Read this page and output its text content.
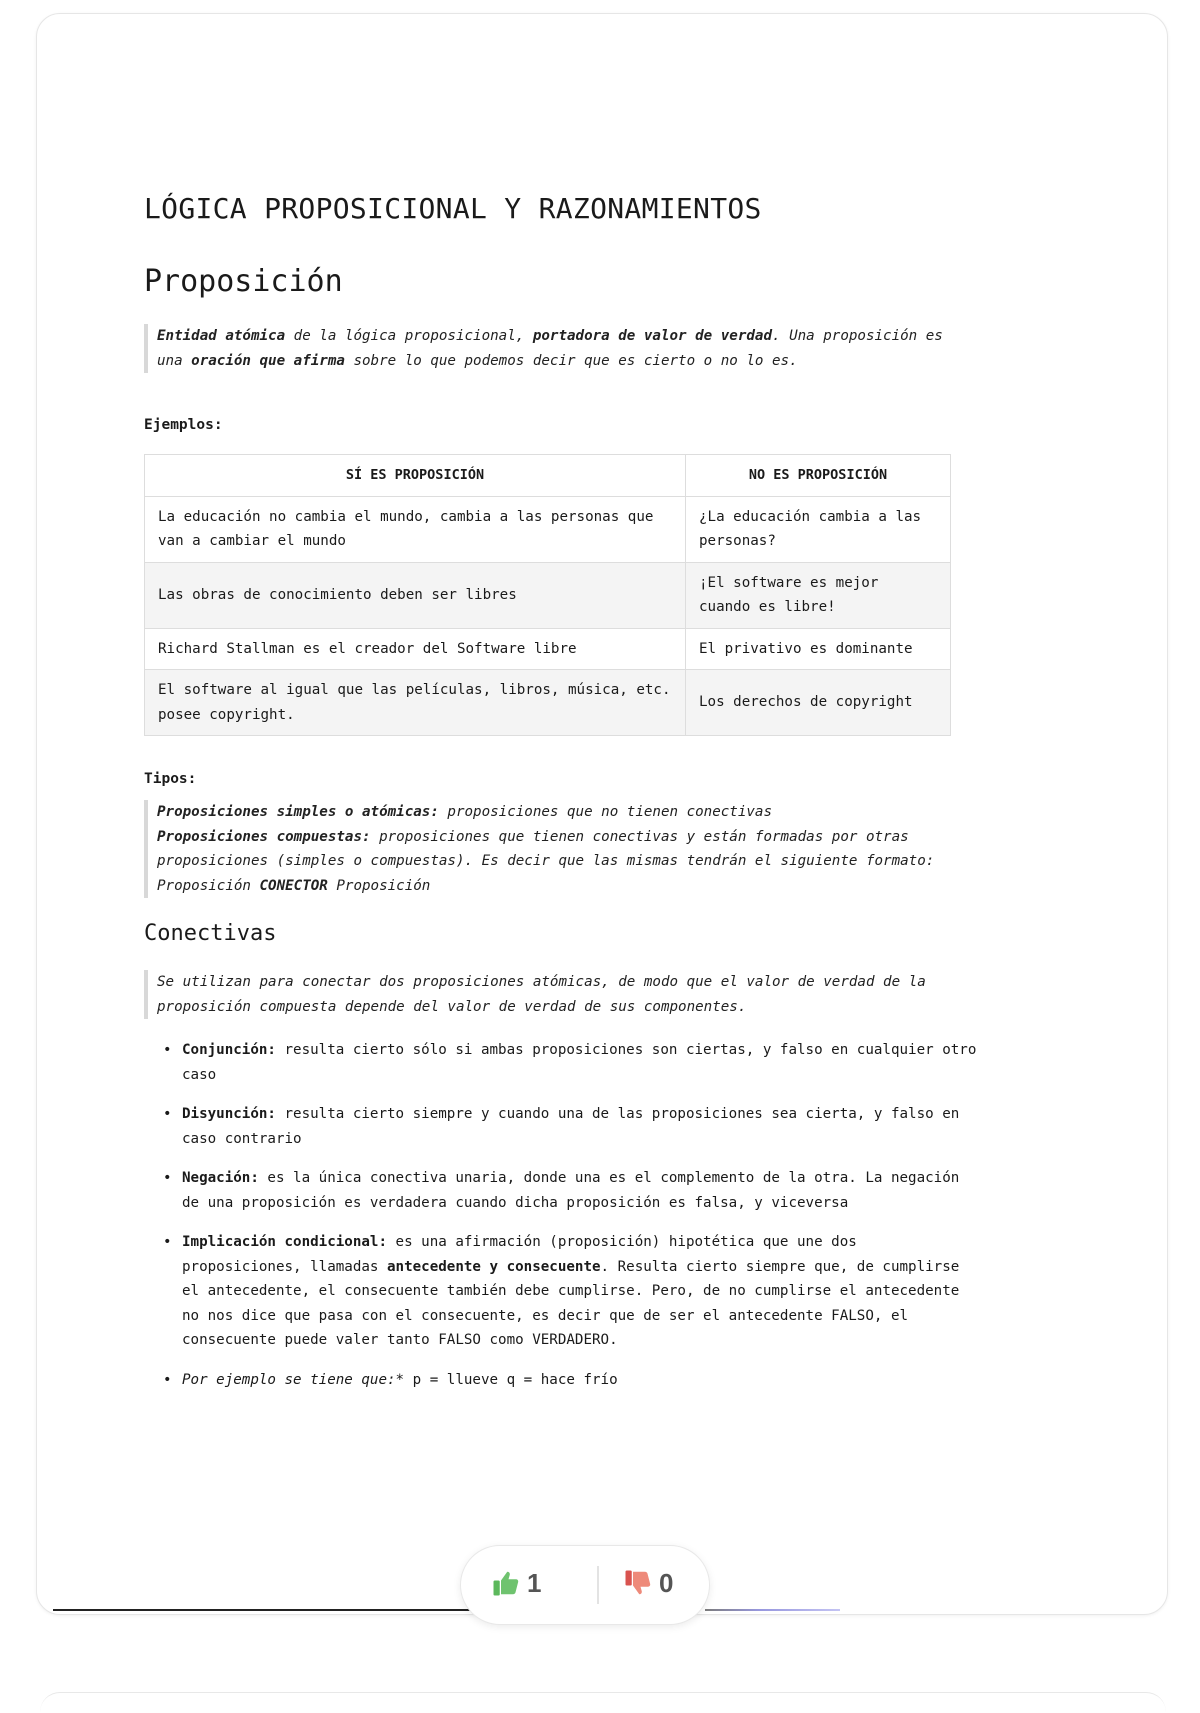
LÓGICA PROPOSICIONAL Y RAZONAMIENTOS
Proposición
Entidad atómica de la lógica proposicional, portadora de valor de verdad. Una proposición es una oración que afirma sobre lo que podemos decir que es cierto o no lo es.
Ejemplos:
SÍ ES PROPOSICIÓN	NO ES PROPOSICIÓN
La educación no cambia el mundo, cambia a las personas que van a cambiar el mundo	¿La educación cambia a las personas?
Las obras de conocimiento deben ser libres	¡El software es mejor cuando es libre!
Richard Stallman es el creador del Software libre	El privativo es dominante
El software al igual que las películas, libros, música, etc. posee copyright.	Los derechos de copyright
Tipos:
Proposiciones simples o atómicas: proposiciones que no tienen conectivas
Proposiciones compuestas: proposiciones que tienen conectivas y están formadas por otras proposiciones (simples o compuestas). Es decir que las mismas tendrán el siguiente formato: Proposición CONECTOR Proposición
Conectivas
Se utilizan para conectar dos proposiciones atómicas, de modo que el valor de verdad de la proposición compuesta depende del valor de verdad de sus componentes.
• Conjunción: resulta cierto sólo si ambas proposiciones son ciertas, y falso en cualquier otro caso
• Disyunción: resulta cierto siempre y cuando una de las proposiciones sea cierta, y falso en caso contrario
• Negación: es la única conectiva unaria, donde una es el complemento de la otra. La negación de una proposición es verdadera cuando dicha proposición es falsa, y viceversa
• Implicación condicional: es una afirmación (proposición) hipotética que une dos proposiciones, llamadas antecedente y consecuente. Resulta cierto siempre que, de cumplirse el antecedente, el consecuente también debe cumplirse. Pero, de no cumplirse el antecedente no nos dice que pasa con el consecuente, es decir que de ser el antecedente FALSO, el consecuente puede valer tanto FALSO como VERDADERO.
• Por ejemplo se tiene que:* p = llueve q = hace frío
1	0
